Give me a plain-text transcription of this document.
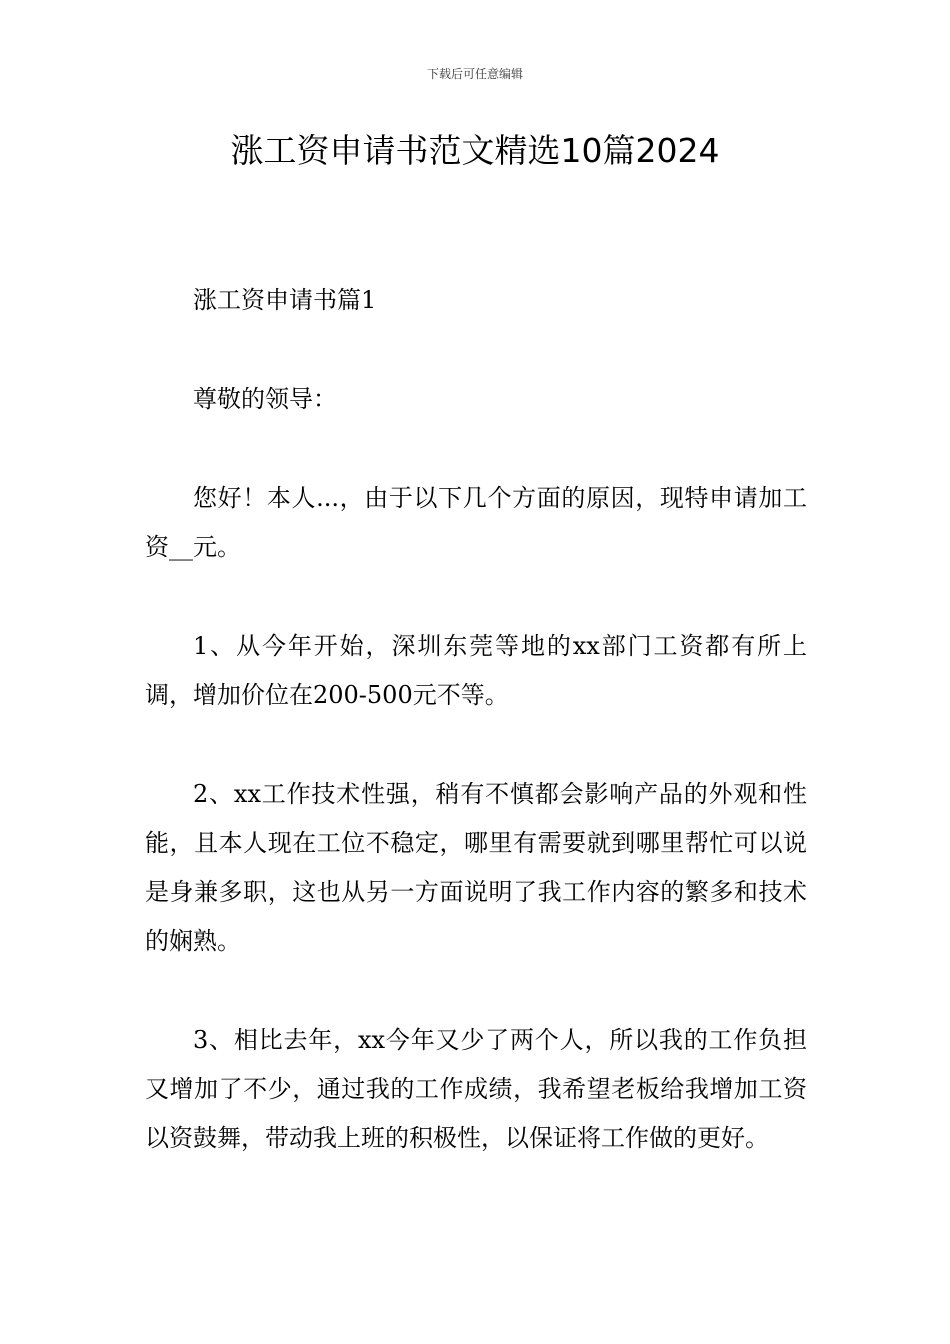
下载后可任意编辑
涨工资申请书范文精选10篇2024

涨工资申请书篇1

尊敬的领导：

您好！本人...，由于以下几个方面的原因，现特申请加工资__元。

1、从今年开始，深圳东莞等地的xx部门工资都有所上调，增加价位在200-500元不等。

2、xx工作技术性强，稍有不慎都会影响产品的外观和性能，且本人现在工位不稳定，哪里有需要就到哪里帮忙可以说是身兼多职，这也从另一方面说明了我工作内容的繁多和技术的娴熟。

3、相比去年，xx今年又少了两个人，所以我的工作负担又增加了不少，通过我的工作成绩，我希望老板给我增加工资以资鼓舞，带动我上班的积极性，以保证将工作做的更好。
